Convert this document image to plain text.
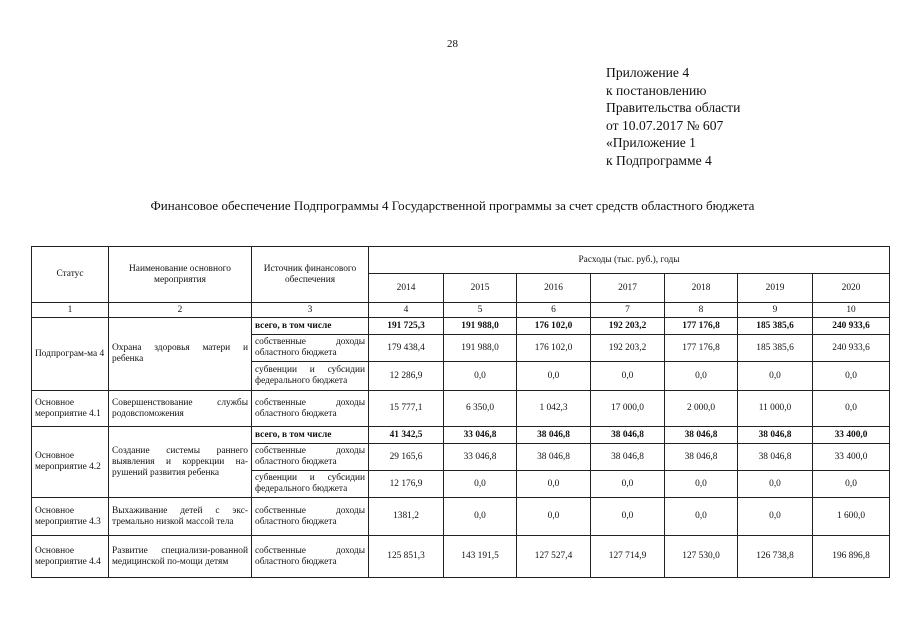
28
Приложение 4
к постановлению
Правительства области
от 10.07.2017 № 607
«Приложение 1
к Подпрограмме 4
Финансовое обеспечение Подпрограммы 4 Государственной программы за счет средств областного бюджета
Статус	Наименование основного мероприятия	Источник финансового обеспечения	Расходы (тыс. руб.), годы						
			2014	2015	2016	2017	2018	2019	2020
1	2	3	4	5	6	7	8	9	10
Подпрограм-ма 4	Охрана здоровья матери и ребенка	всего, в том числе	191 725,3	191 988,0	176 102,0	192 203,2	177 176,8	185 385,6	240 933,6
		собственные доходы областного бюджета	179 438,4	191 988,0	176 102,0	192 203,2	177 176,8	185 385,6	240 933,6
		субвенции и субсидии федерального бюджета	12 286,9	0,0	0,0	0,0	0,0	0,0	0,0
Основное мероприятие 4.1	Совершенствование службы родовспоможения	собственные доходы областного бюджета	15 777,1	6 350,0	1 042,3	17 000,0	2 000,0	11 000,0	0,0
Основное мероприятие 4.2	Создание системы раннего выявления и коррекции на-рушений развития ребенка	всего, в том числе	41 342,5	33 046,8	38 046,8	38 046,8	38 046,8	38 046,8	33 400,0
		собственные доходы областного бюджета	29 165,6	33 046,8	38 046,8	38 046,8	38 046,8	38 046,8	33 400,0
		субвенции и субсидии федерального бюджета	12 176,9	0,0	0,0	0,0	0,0	0,0	0,0
Основное мероприятие 4.3	Выхаживание детей с экс-тремально низкой массой тела	собственные доходы областного бюджета	1381,2	0,0	0,0	0,0	0,0	0,0	1 600,0
Основное мероприятие 4.4	Развитие специализи-рованной медицинской по-мощи детям	собственные доходы областного бюджета	125 851,3	143 191,5	127 527,4	127 714,9	127 530,0	126 738,8	196 896,8
